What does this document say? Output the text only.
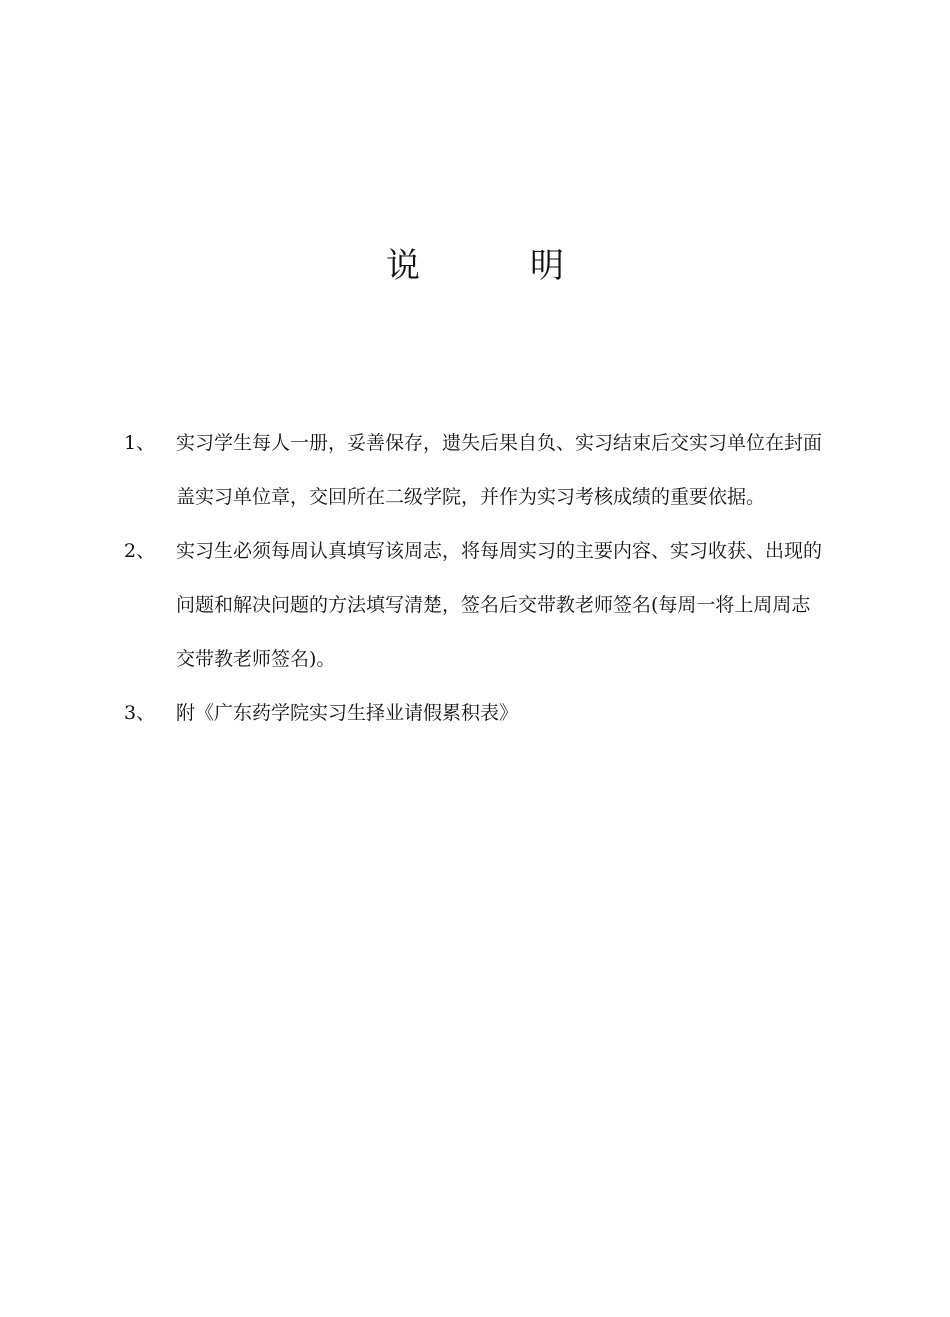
说　明
1、	实习学生每人一册，妥善保存，遗失后果自负、实习结束后交实习单位在封面盖实习单位章，交回所在二级学院，并作为实习考核成绩的重要依据。
2、	实习生必须每周认真填写该周志，将每周实习的主要内容、实习收获、出现的问题和解决问题的方法填写清楚，签名后交带教老师签名(每周一将上周周志交带教老师签名)。
3、	附《广东药学院实习生择业请假累积表》
